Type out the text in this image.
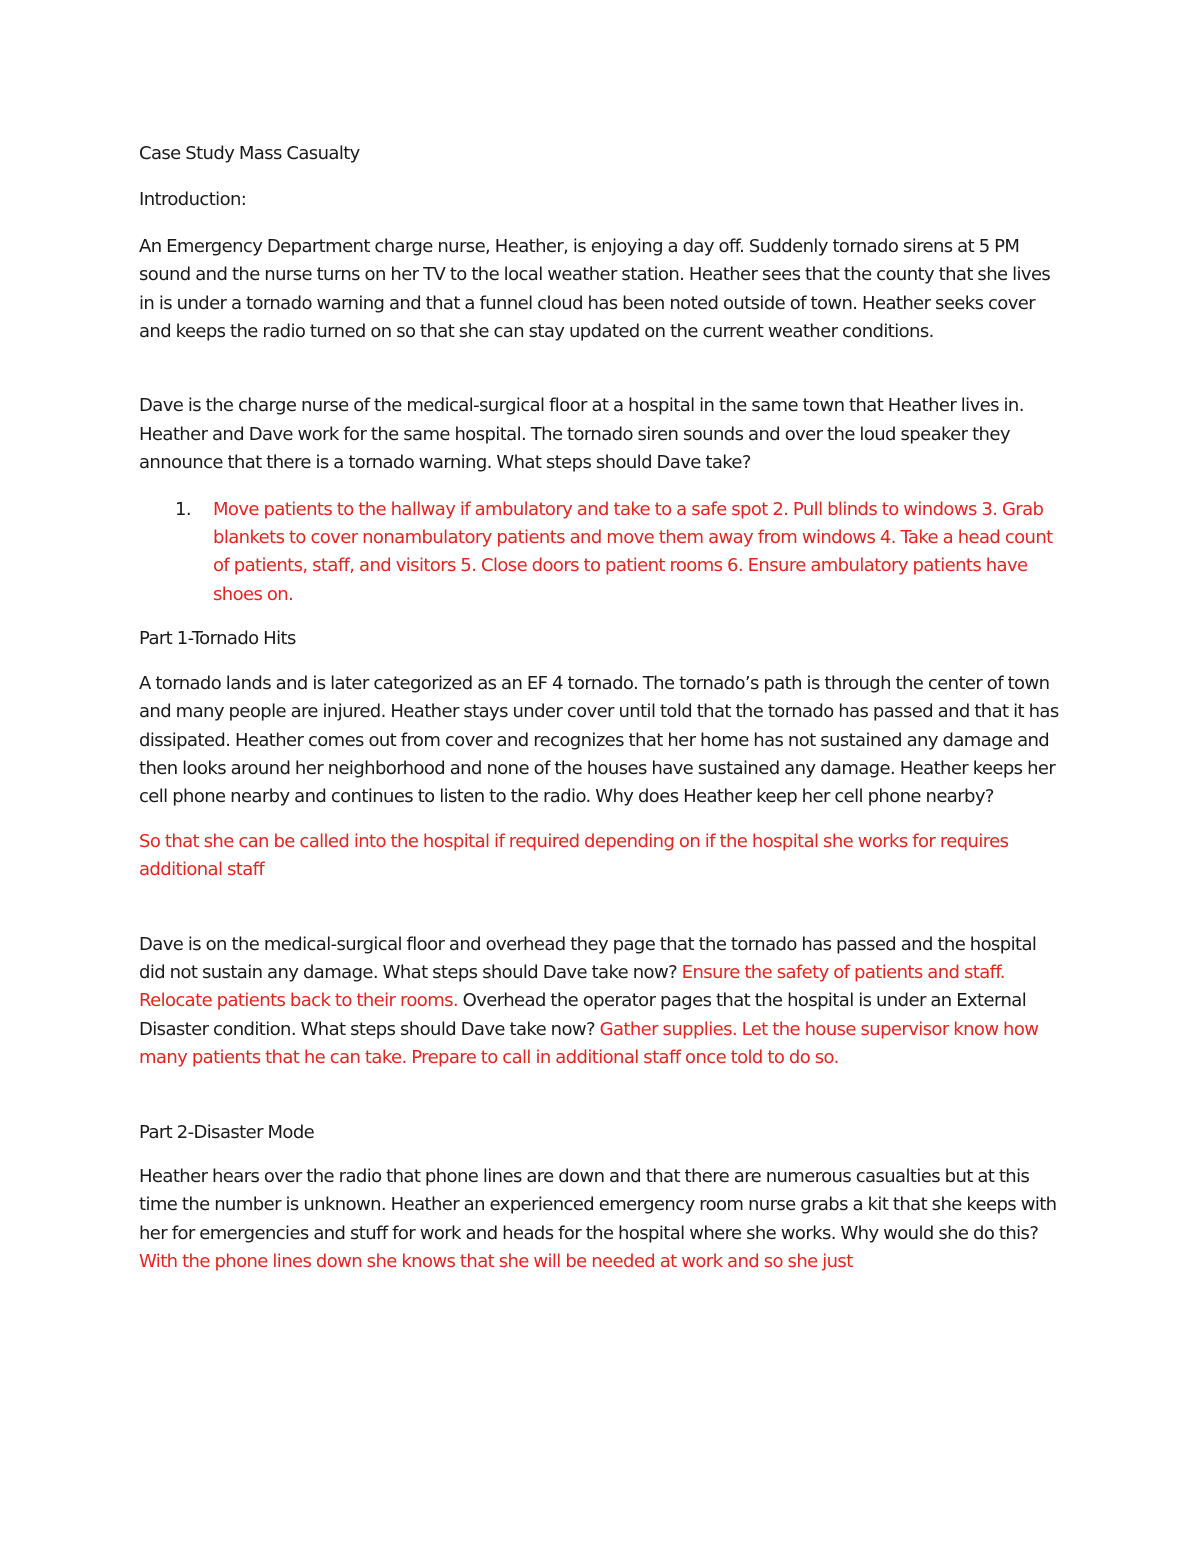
Case Study Mass Casualty

Introduction:

An Emergency Department charge nurse, Heather, is enjoying a day off. Suddenly tornado sirens at 5 PM sound and the nurse turns on her TV to the local weather station. Heather sees that the county that she lives in is under a tornado warning and that a funnel cloud has been noted outside of town. Heather seeks cover and keeps the radio turned on so that she can stay updated on the current weather conditions.

Dave is the charge nurse of the medical-surgical floor at a hospital in the same town that Heather lives in. Heather and Dave work for the same hospital. The tornado siren sounds and over the loud speaker they announce that there is a tornado warning. What steps should Dave take?

1.	Move patients to the hallway if ambulatory and take to a safe spot 2. Pull blinds to windows 3. Grab blankets to cover nonambulatory patients and move them away from windows 4. Take a head count of patients, staff, and visitors 5. Close doors to patient rooms 6. Ensure ambulatory patients have shoes on.

Part 1-Tornado Hits

A tornado lands and is later categorized as an EF 4 tornado. The tornado’s path is through the center of town and many people are injured. Heather stays under cover until told that the tornado has passed and that it has dissipated. Heather comes out from cover and recognizes that her home has not sustained any damage and then looks around her neighborhood and none of the houses have sustained any damage. Heather keeps her cell phone nearby and continues to listen to the radio. Why does Heather keep her cell phone nearby?

So that she can be called into the hospital if required depending on if the hospital she works for requires additional staff

Dave is on the medical-surgical floor and overhead they page that the tornado has passed and the hospital did not sustain any damage. What steps should Dave take now? Ensure the safety of patients and staff. Relocate patients back to their rooms. Overhead the operator pages that the hospital is under an External Disaster condition. What steps should Dave take now? Gather supplies. Let the house supervisor know how many patients that he can take. Prepare to call in additional staff once told to do so.

Part 2-Disaster Mode

Heather hears over the radio that phone lines are down and that there are numerous casualties but at this time the number is unknown. Heather an experienced emergency room nurse grabs a kit that she keeps with her for emergencies and stuff for work and heads for the hospital where she works. Why would she do this? With the phone lines down she knows that she will be needed at work and so she just
